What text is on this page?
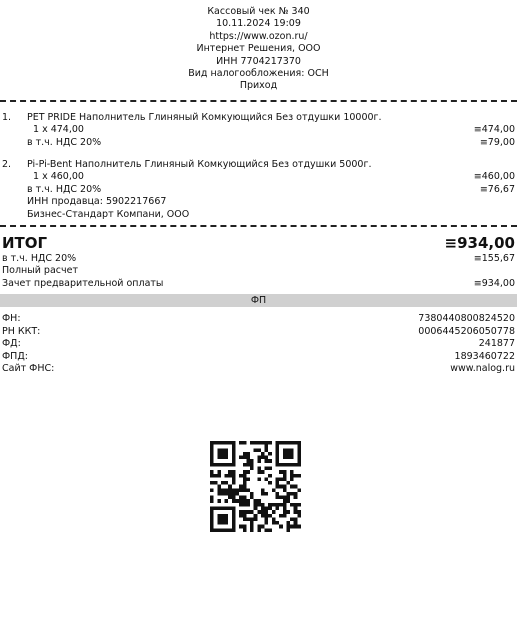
Кассовый чек № 340
10.11.2024 19:09
https://www.ozon.ru/
Интернет Решения, ООО
ИНН 7704217370
Вид налогообложения: ОСН
Приход
1.	PET PRIDE Наполнитель Глиняный Комкующийся Без отдушки 10000г.
1 x 474,00	≡474,00
в т.ч. НДС 20%	≡79,00
2.	Pi-Pi-Bent Наполнитель Глиняный Комкующийся Без отдушки 5000г.
1 x 460,00	≡460,00
в т.ч. НДС 20%	≡76,67
ИНН продавца: 5902217667
Бизнес-Стандарт Компани, ООО
ИТОГ	≡934,00
в т.ч. НДС 20%	≡155,67
Полный расчет
Зачет предварительной оплаты	≡934,00
ФП
ФН:	7380440800824520
РН ККТ:	0006445206050778
ФД:	241877
ФПД:	1893460722
Сайт ФНС:	www.nalog.ru
